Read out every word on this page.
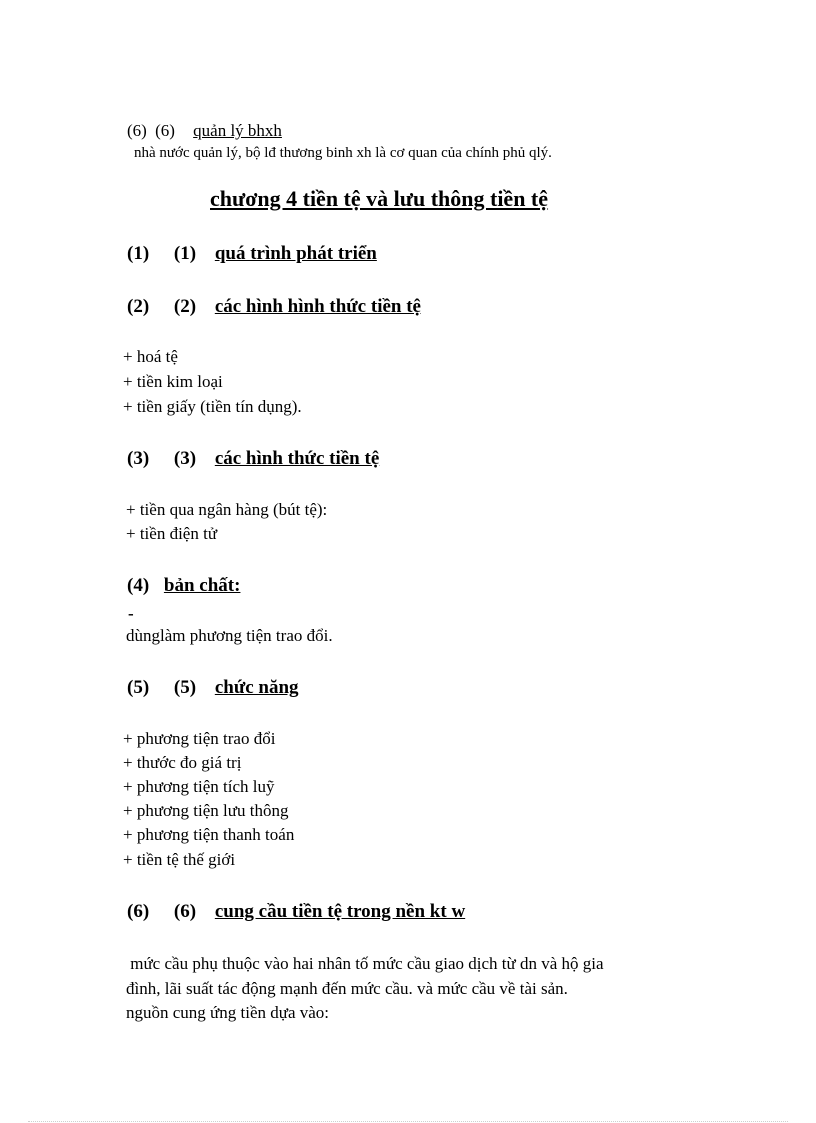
(6) (6) quản lý bhxh
nhà nước quản lý, bộ lđ thương binh xh là cơ quan của chính phủ qlý.
chương 4 tiền tệ và lưu thông tiền tệ
(1) (1) quá trình phát triển
(2) (2) các hình hình thức tiền tệ
+ hoá tệ
+ tiền kim loại
+ tiền giấy (tiền tín dụng).
(3) (3) các hình thức tiền tệ
+ tiền qua ngân hàng (bút tệ):
+ tiền điện tử
(4) bản chất:
-
dùnglàm phương tiện trao đổi.
(5) (5) chức năng
+ phương tiện trao đổi
+ thước đo giá trị
+ phương tiện tích luỹ
+ phương tiện lưu thông
+ phương tiện thanh toán
+ tiền tệ thế giới
(6) (6) cung cầu tiền tệ trong nền kt w
mức cầu phụ thuộc vào hai nhân tố mức cầu giao dịch từ dn và hộ gia
đình, lãi suất tác động mạnh đến mức cầu. và mức cầu về tài sản.
nguồn cung ứng tiền dựa vào:
